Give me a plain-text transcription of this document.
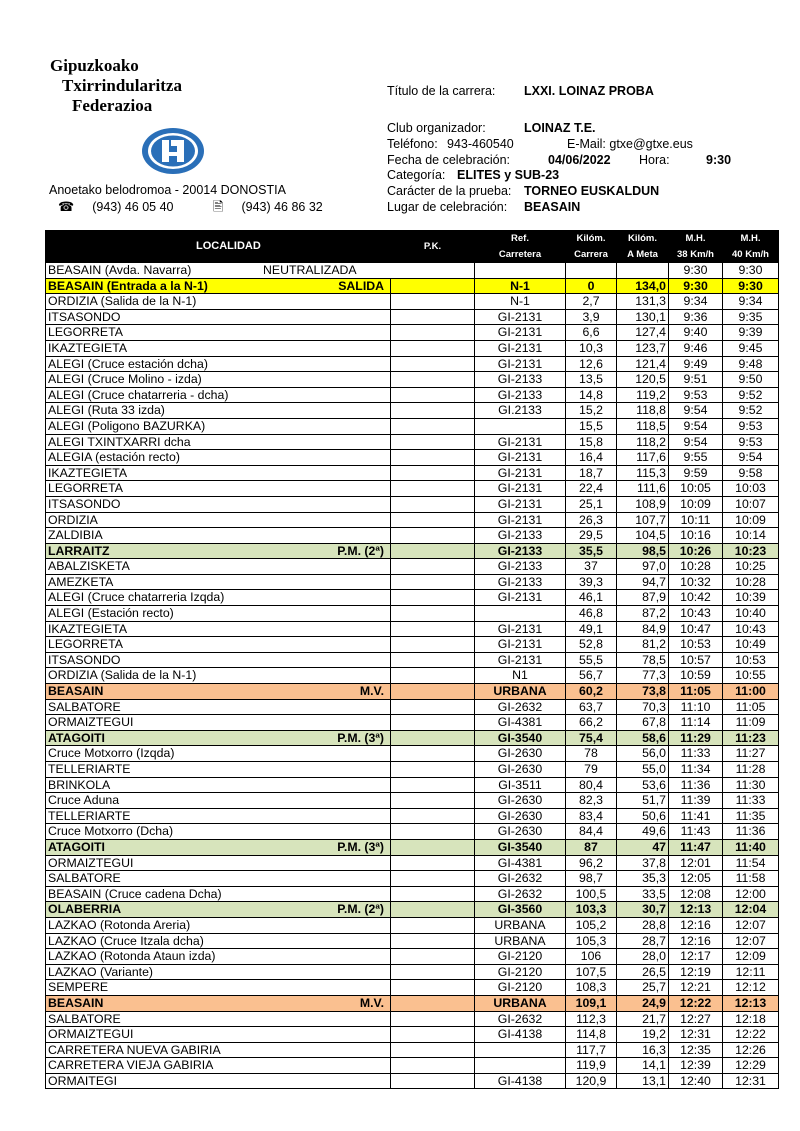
Gipuzkoako
Txirrindularitza
Federazioa
Anoetako belodromoa - 20014 DONOSTIA
☎ (943) 46 05 40	🖹 (943) 46 86 32
Título de la carrera: LXXI. LOINAZ PROBA
Club organizador:	LOINAZ T.E.
Teléfono: 943-460540	E-Mail: gtxe@gtxe.eus
Fecha de celebración:	04/06/2022 Hora:	9:30
Categoría: ELITES y SUB-23
Carácter de la prueba: TORNEO EUSKALDUN
Lugar de celebración: BEASAIN
LOCALIDAD	P.K.	Ref.	Kilóm.	Kilóm.	M.H.	M.H.
		Carretera	Carrera	A Meta	38 Km/h	40 Km/h
BEASAIN (Avda. Navarra) NEUTRALIZADA					9:30	9:30
BEASAIN (Entrada a la N-1) SALIDA		N-1	0	134,0	9:30	9:30
ORDIZIA (Salida de la N-1)		N-1	2,7	131,3	9:34	9:34
ITSASONDO		GI-2131	3,9	130,1	9:36	9:35
LEGORRETA		GI-2131	6,6	127,4	9:40	9:39
IKAZTEGIETA		GI-2131	10,3	123,7	9:46	9:45
ALEGI (Cruce estación dcha)		GI-2131	12,6	121,4	9:49	9:48
ALEGI (Cruce Molino - izda)		GI-2133	13,5	120,5	9:51	9:50
ALEGI (Cruce chatarreria - dcha)		GI-2133	14,8	119,2	9:53	9:52
ALEGI (Ruta 33 izda)		GI.2133	15,2	118,8	9:54	9:52
ALEGI (Poligono BAZURKA)			15,5	118,5	9:54	9:53
ALEGI TXINTXARRI dcha		GI-2131	15,8	118,2	9:54	9:53
ALEGIA (estación recto)		GI-2131	16,4	117,6	9:55	9:54
IKAZTEGIETA		GI-2131	18,7	115,3	9:59	9:58
LEGORRETA		GI-2131	22,4	111,6	10:05	10:03
ITSASONDO		GI-2131	25,1	108,9	10:09	10:07
ORDIZIA		GI-2131	26,3	107,7	10:11	10:09
ZALDIBIA		GI-2133	29,5	104,5	10:16	10:14
LARRAITZ P.M. (2ª)		GI-2133	35,5	98,5	10:26	10:23
ABALZISKETA		GI-2133	37	97,0	10:28	10:25
AMEZKETA		GI-2133	39,3	94,7	10:32	10:28
ALEGI (Cruce chatarreria Izqda)		GI-2131	46,1	87,9	10:42	10:39
ALEGI (Estación recto)			46,8	87,2	10:43	10:40
IKAZTEGIETA		GI-2131	49,1	84,9	10:47	10:43
LEGORRETA		GI-2131	52,8	81,2	10:53	10:49
ITSASONDO		GI-2131	55,5	78,5	10:57	10:53
ORDIZIA (Salida de la N-1)		N1	56,7	77,3	10:59	10:55
BEASAIN M.V.		URBANA	60,2	73,8	11:05	11:00
SALBATORE		GI-2632	63,7	70,3	11:10	11:05
ORMAIZTEGUI		GI-4381	66,2	67,8	11:14	11:09
ATAGOITI P.M. (3ª)		GI-3540	75,4	58,6	11:29	11:23
Cruce Motxorro (Izqda)		GI-2630	78	56,0	11:33	11:27
TELLERIARTE		GI-2630	79	55,0	11:34	11:28
BRINKOLA		GI-3511	80,4	53,6	11:36	11:30
Cruce Aduna		GI-2630	82,3	51,7	11:39	11:33
TELLERIARTE		GI-2630	83,4	50,6	11:41	11:35
Cruce Motxorro (Dcha)		GI-2630	84,4	49,6	11:43	11:36
ATAGOITI P.M. (3ª)		GI-3540	87	47	11:47	11:40
ORMAIZTEGUI		GI-4381	96,2	37,8	12:01	11:54
SALBATORE		GI-2632	98,7	35,3	12:05	11:58
BEASAIN (Cruce cadena Dcha)		GI-2632	100,5	33,5	12:08	12:00
OLABERRIA P.M. (2ª)		GI-3560	103,3	30,7	12:13	12:04
LAZKAO (Rotonda Areria)		URBANA	105,2	28,8	12:16	12:07
LAZKAO (Cruce Itzala dcha)		URBANA	105,3	28,7	12:16	12:07
LAZKAO (Rotonda Ataun izda)		GI-2120	106	28,0	12:17	12:09
LAZKAO (Variante)		GI-2120	107,5	26,5	12:19	12:11
SEMPERE		GI-2120	108,3	25,7	12:21	12:12
BEASAIN M.V.		URBANA	109,1	24,9	12:22	12:13
SALBATORE		GI-2632	112,3	21,7	12:27	12:18
ORMAIZTEGUI		GI-4138	114,8	19,2	12:31	12:22
CARRETERA NUEVA GABIRIA			117,7	16,3	12:35	12:26
CARRETERA VIEJA GABIRIA			119,9	14,1	12:39	12:29
ORMAITEGI		GI-4138	120,9	13,1	12:40	12:31
